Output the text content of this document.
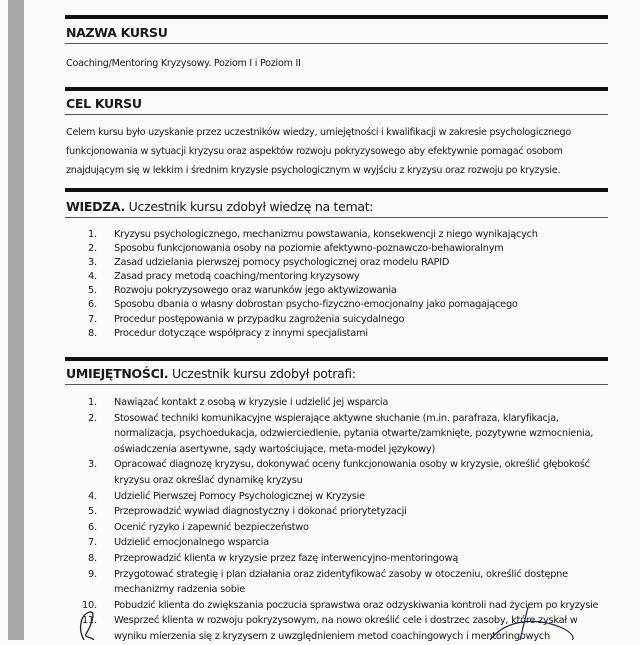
NAZWA KURSU
Coaching/Mentoring Kryzysowy. Poziom I i Poziom II
CEL KURSU
Celem kursu było uzyskanie przez uczestników wiedzy, umiejętności i kwalifikacji w zakresie psychologicznego
funkcjonowania w sytuacji kryzysu oraz aspektów rozwoju pokryzysowego aby efektywnie pomagać osobom
znajdującym się w lekkim i średnim kryzysie psychologicznym w wyjściu z kryzysu oraz rozwoju po kryzysie.
WIEDZA. Uczestnik kursu zdobył wiedzę na temat:
1. Kryzysu psychologicznego, mechanizmu powstawania, konsekwencji z niego wynikających
2. Sposobu funkcjonowania osoby na poziomie afektywno-poznawczo-behawioralnym
3. Zasad udzielania pierwszej pomocy psychologicznej oraz modelu RAPID
4. Zasad pracy metodą coaching/mentoring kryzysowy
5. Rozwoju pokryzysowego oraz warunków jego aktywizowania
6. Sposobu dbania o własny dobrostan psycho-fizyczno-emocjonalny jako pomagającego
7. Procedur postępowania w przypadku zagrożenia suicydalnego
8. Procedur dotyczące współpracy z innymi specjalistami
UMIEJĘTNOŚCI. Uczestnik kursu zdobył potrafi:
1. Nawiązać kontakt z osobą w kryzysie i udzielić jej wsparcia
2. Stosować techniki komunikacyjne wspierające aktywne słuchanie (m.in. parafraza, klaryfikacja,
normalizacja, psychoedukacja, odzwierciedlenie, pytania otwarte/zamknięte, pozytywne wzmocnienia,
oświadczenia asertywne, sądy wartościujące, meta-model językowy)
3. Opracować diagnozę kryzysu, dokonywać oceny funkcjonowania osoby w kryzysie, określić głębokość
kryzysu oraz określać dynamikę kryzysu
4. Udzielić Pierwszej Pomocy Psychologicznej w Kryzysie
5. Przeprowadzić wywiad diagnostyczny i dokonać priorytetyzacji
6. Ocenić ryzyko i zapewnić bezpieczeństwo
7. Udzielić emocjonalnego wsparcia
8. Przeprowadzić klienta w kryzysie przez fazę interwencyjno-mentoringową
9. Przygotować strategię i plan działania oraz zidentyfikować zasoby w otoczeniu, określić dostępne
mechanizmy radzenia sobie
10. Pobudzić klienta do zwiększania poczucia sprawstwa oraz odzyskiwania kontroli nad życiem po kryzysie
11. Wesprzeć klienta w rozwoju pokryzysowym, na nowo określić cele i dostrzec zasoby, które zyskał w
wyniku mierzenia się z kryzysem z uwzględnieniem metod coachingowych i mentoringowych
